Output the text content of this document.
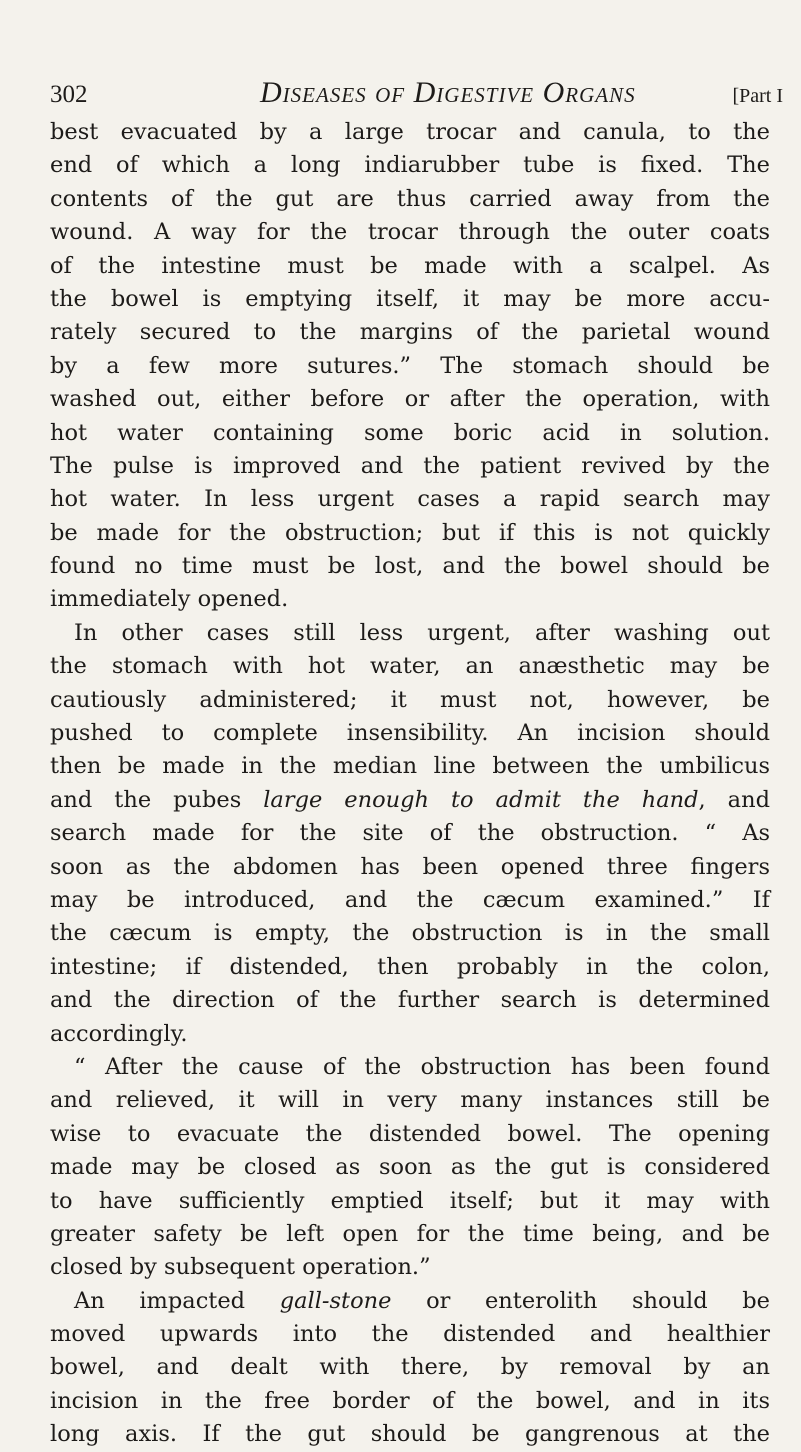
302	Diseases of Digestive Organs	[Part I
best evacuated by a large trocar and canula, to the
end of which a long indiarubber tube is fixed. The
contents of the gut are thus carried away from the
wound. A way for the trocar through the outer coats
of the intestine must be made with a scalpel. As
the bowel is emptying itself, it may be more accu-
rately secured to the margins of the parietal wound
by a few more sutures.” The stomach should be
washed out, either before or after the operation, with
hot water containing some boric acid in solution.
The pulse is improved and the patient revived by the
hot water. In less urgent cases a rapid search may
be made for the obstruction; but if this is not quickly
found no time must be lost, and the bowel should be
immediately opened.
In other cases still less urgent, after washing out
the stomach with hot water, an anæsthetic may be
cautiously administered; it must not, however, be
pushed to complete insensibility. An incision should
then be made in the median line between the umbilicus
and the pubes large enough to admit the hand, and
search made for the site of the obstruction. “ As
soon as the abdomen has been opened three fingers
may be introduced, and the cæcum examined.” If
the cæcum is empty, the obstruction is in the small
intestine; if distended, then probably in the colon,
and the direction of the further search is determined
accordingly.
“ After the cause of the obstruction has been found
and relieved, it will in very many instances still be
wise to evacuate the distended bowel. The opening
made may be closed as soon as the gut is considered
to have sufficiently emptied itself; but it may with
greater safety be left open for the time being, and be
closed by subsequent operation.”
An impacted gall-stone or enterolith should be
moved upwards into the distended and healthier
bowel, and dealt with there, by removal by an
incision in the free border of the bowel, and in its
long axis. If the gut should be gangrenous at the
